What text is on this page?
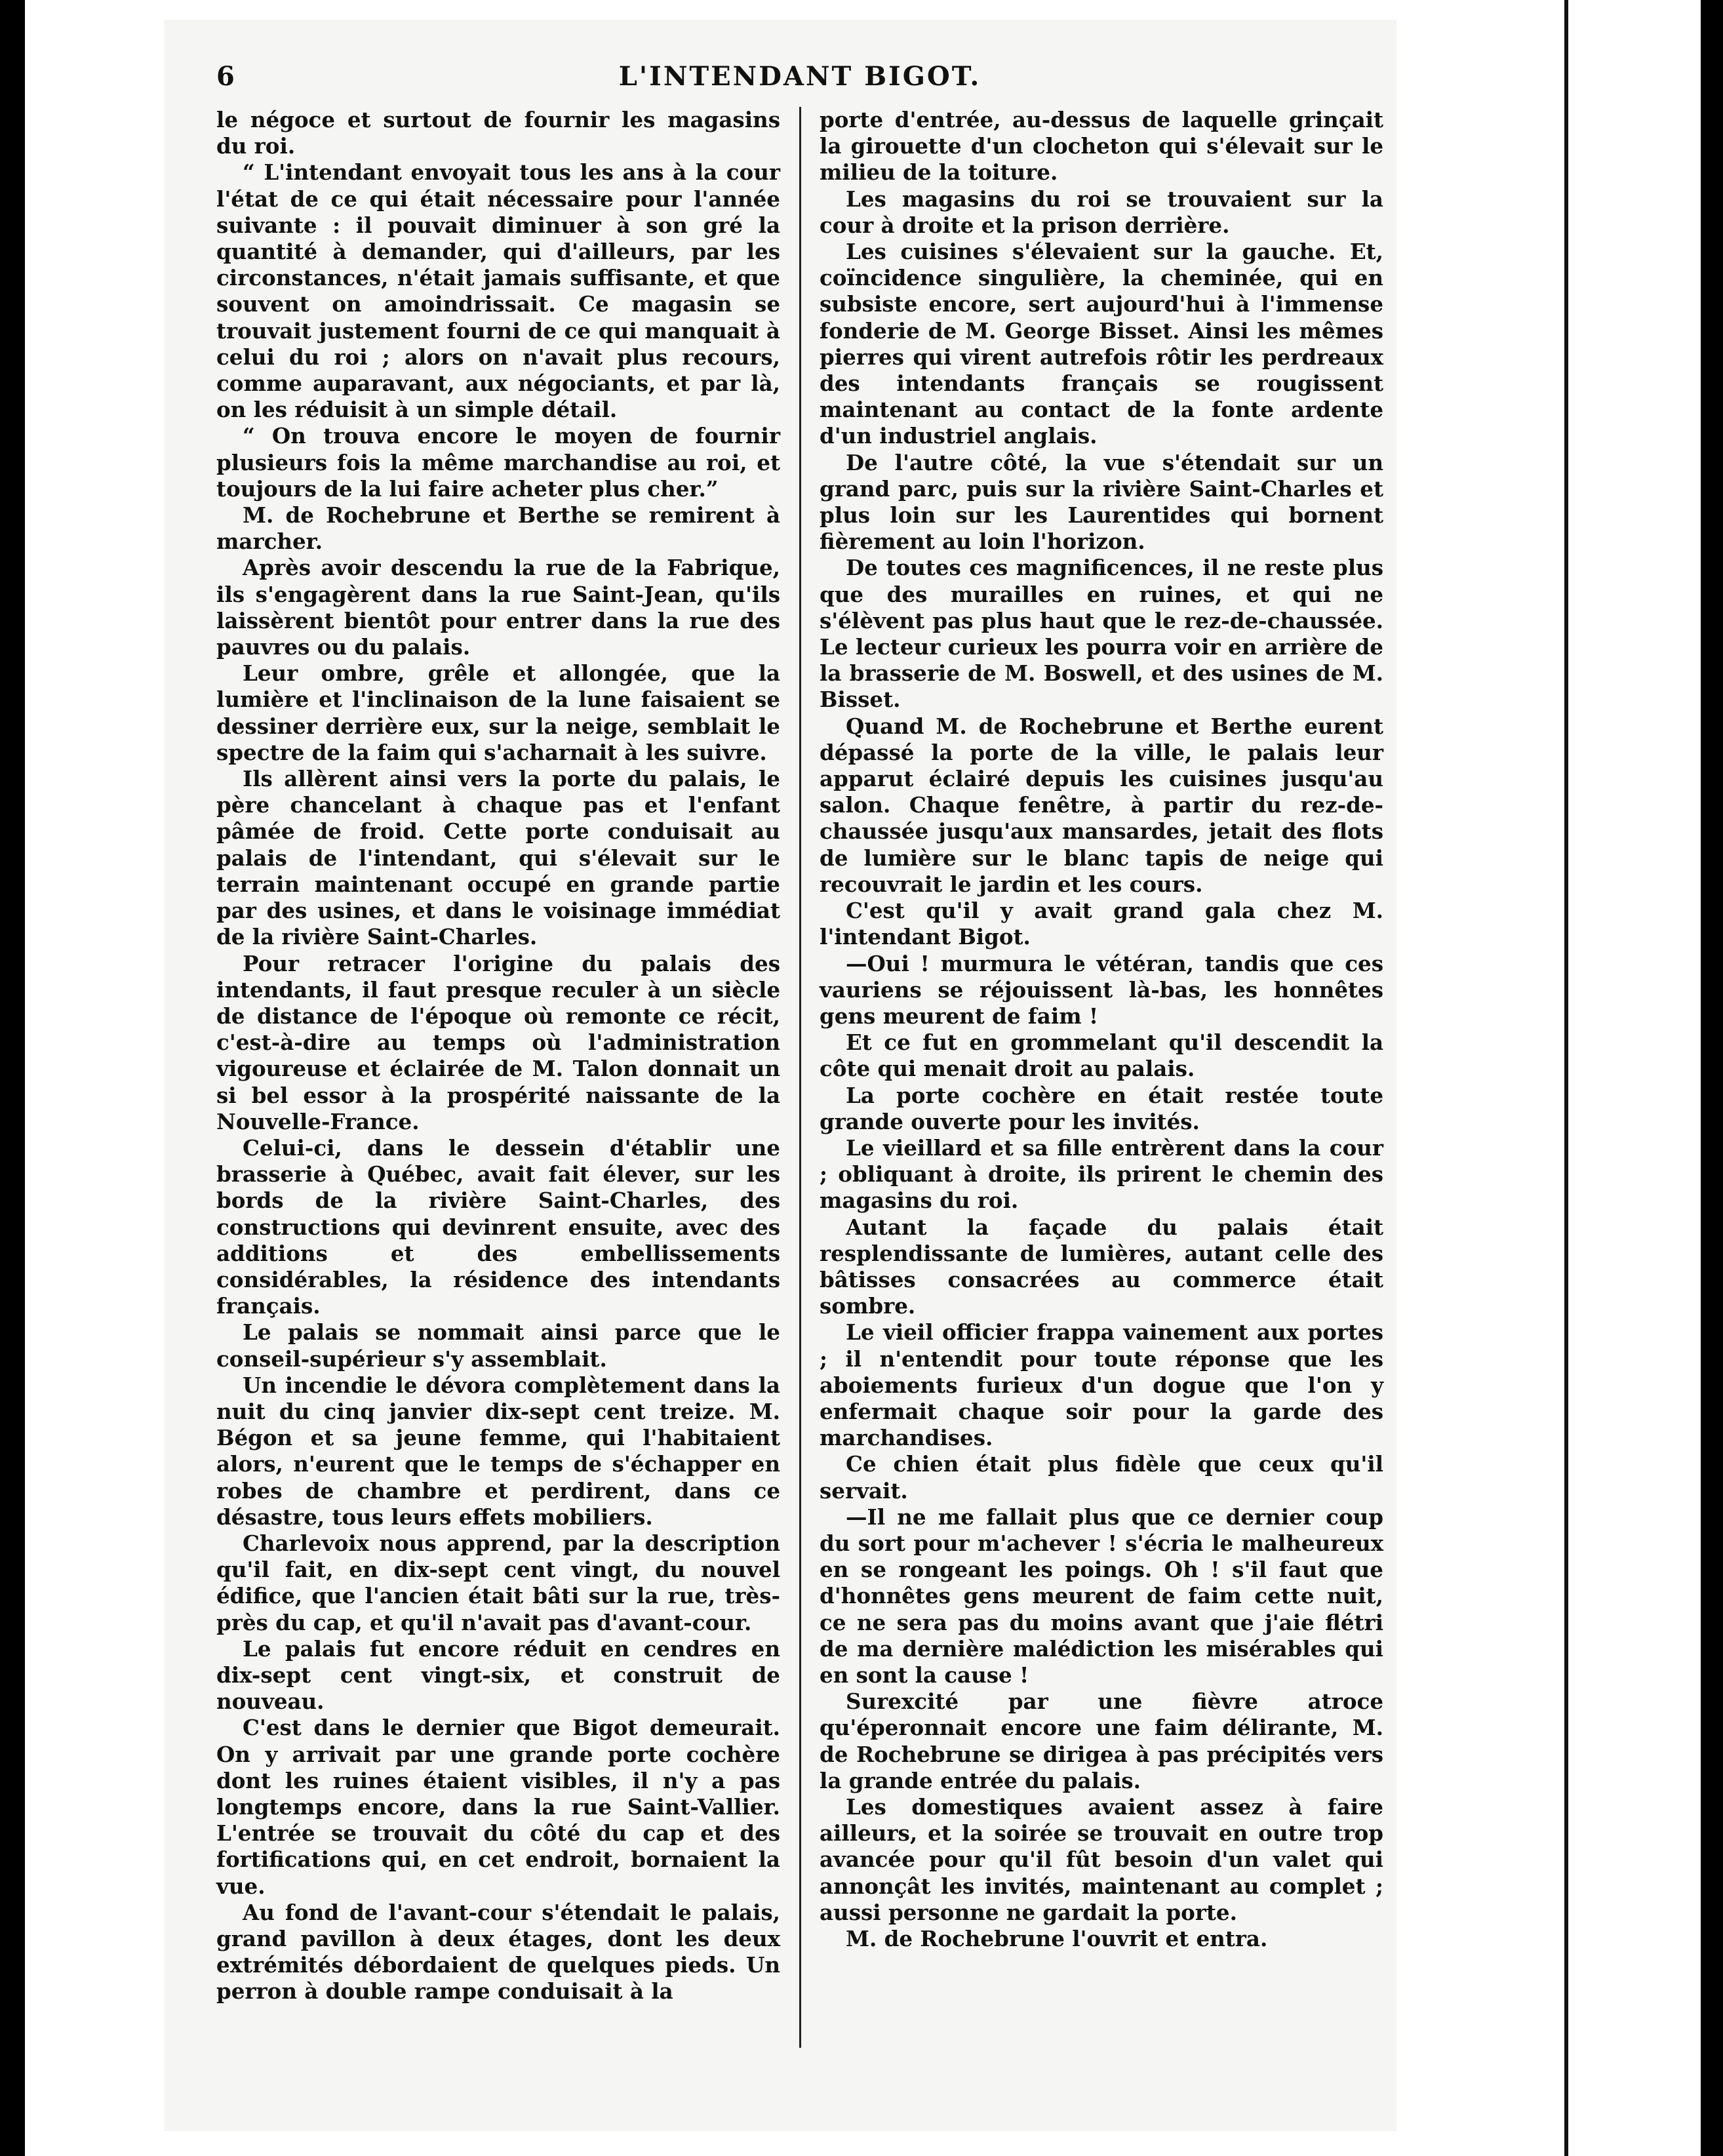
6	L'INTENDANT BIGOT.

le négoce et surtout de fournir les magasins du roi.

“ L'intendant envoyait tous les ans à la cour l'état de ce qui était nécessaire pour l'année suivante : il pouvait diminuer à son gré la quantité à demander, qui d'ailleurs, par les circonstances, n'était jamais suffisante, et que souvent on amoindrissait. Ce magasin se trouvait justement fourni de ce qui manquait à celui du roi ; alors on n'avait plus recours, comme auparavant, aux négociants, et par là, on les réduisit à un simple détail.

“ On trouva encore le moyen de fournir plusieurs fois la même marchandise au roi, et toujours de la lui faire acheter plus cher.”

M. de Rochebrune et Berthe se remirent à marcher.

Après avoir descendu la rue de la Fabrique, ils s'engagèrent dans la rue Saint-Jean, qu'ils laissèrent bientôt pour entrer dans la rue des pauvres ou du palais.

Leur ombre, grêle et allongée, que la lumière et l'inclinaison de la lune faisaient se dessiner derrière eux, sur la neige, semblait le spectre de la faim qui s'acharnait à les suivre.

Ils allèrent ainsi vers la porte du palais, le père chancelant à chaque pas et l'enfant pâmée de froid. Cette porte conduisait au palais de l'intendant, qui s'élevait sur le terrain maintenant occupé en grande partie par des usines, et dans le voisinage immédiat de la rivière Saint-Charles.

Pour retracer l'origine du palais des intendants, il faut presque reculer à un siècle de distance de l'époque où remonte ce récit, c'est-à-dire au temps où l'administration vigoureuse et éclairée de M. Talon donnait un si bel essor à la prospérité naissante de la Nouvelle-France.

Celui-ci, dans le dessein d'établir une brasserie à Québec, avait fait élever, sur les bords de la rivière Saint-Charles, des constructions qui devinrent ensuite, avec des additions et des embellissements considérables, la résidence des intendants français.

Le palais se nommait ainsi parce que le conseil-supérieur s'y assemblait.

Un incendie le dévora complètement dans la nuit du cinq janvier dix-sept cent treize. M. Bégon et sa jeune femme, qui l'habitaient alors, n'eurent que le temps de s'échapper en robes de chambre et perdirent, dans ce désastre, tous leurs effets mobiliers.

Charlevoix nous apprend, par la description qu'il fait, en dix-sept cent vingt, du nouvel édifice, que l'ancien était bâti sur la rue, très-près du cap, et qu'il n'avait pas d'avant-cour.

Le palais fut encore réduit en cendres en dix-sept cent vingt-six, et construit de nouveau.

C'est dans le dernier que Bigot demeurait. On y arrivait par une grande porte cochère dont les ruines étaient visibles, il n'y a pas longtemps encore, dans la rue Saint-Vallier. L'entrée se trouvait du côté du cap et des fortifications qui, en cet endroit, bornaient la vue.

Au fond de l'avant-cour s'étendait le palais, grand pavillon à deux étages, dont les deux extrémités débordaient de quelques pieds. Un perron à double rampe conduisait à la

porte d'entrée, au-dessus de laquelle grinçait la girouette d'un clocheton qui s'élevait sur le milieu de la toiture.

Les magasins du roi se trouvaient sur la cour à droite et la prison derrière.

Les cuisines s'élevaient sur la gauche. Et, coïncidence singulière, la cheminée, qui en subsiste encore, sert aujourd'hui à l'immense fonderie de M. George Bisset. Ainsi les mêmes pierres qui virent autrefois rôtir les perdreaux des intendants français se rougissent maintenant au contact de la fonte ardente d'un industriel anglais.

De l'autre côté, la vue s'étendait sur un grand parc, puis sur la rivière Saint-Charles et plus loin sur les Laurentides qui bornent fièrement au loin l'horizon.

De toutes ces magnificences, il ne reste plus que des murailles en ruines, et qui ne s'élèvent pas plus haut que le rez-de-chaussée. Le lecteur curieux les pourra voir en arrière de la brasserie de M. Boswell, et des usines de M. Bisset.

Quand M. de Rochebrune et Berthe eurent dépassé la porte de la ville, le palais leur apparut éclairé depuis les cuisines jusqu'au salon. Chaque fenêtre, à partir du rez-de-chaussée jusqu'aux mansardes, jetait des flots de lumière sur le blanc tapis de neige qui recouvrait le jardin et les cours.

C'est qu'il y avait grand gala chez M. l'intendant Bigot.

—Oui ! murmura le vétéran, tandis que ces vauriens se réjouissent là-bas, les honnêtes gens meurent de faim !

Et ce fut en grommelant qu'il descendit la côte qui menait droit au palais.

La porte cochère en était restée toute grande ouverte pour les invités.

Le vieillard et sa fille entrèrent dans la cour ; obliquant à droite, ils prirent le chemin des magasins du roi.

Autant la façade du palais était resplendissante de lumières, autant celle des bâtisses consacrées au commerce était sombre.

Le vieil officier frappa vainement aux portes ; il n'entendit pour toute réponse que les aboiements furieux d'un dogue que l'on y enfermait chaque soir pour la garde des marchandises.

Ce chien était plus fidèle que ceux qu'il servait.

—Il ne me fallait plus que ce dernier coup du sort pour m'achever ! s'écria le malheureux en se rongeant les poings. Oh ! s'il faut que d'honnêtes gens meurent de faim cette nuit, ce ne sera pas du moins avant que j'aie flétri de ma dernière malédiction les misérables qui en sont la cause !

Surexcité par une fièvre atroce qu'éperonnait encore une faim délirante, M. de Rochebrune se dirigea à pas précipités vers la grande entrée du palais.

Les domestiques avaient assez à faire ailleurs, et la soirée se trouvait en outre trop avancée pour qu'il fût besoin d'un valet qui annonçât les invités, maintenant au complet ; aussi personne ne gardait la porte.

M. de Rochebrune l'ouvrit et entra.
